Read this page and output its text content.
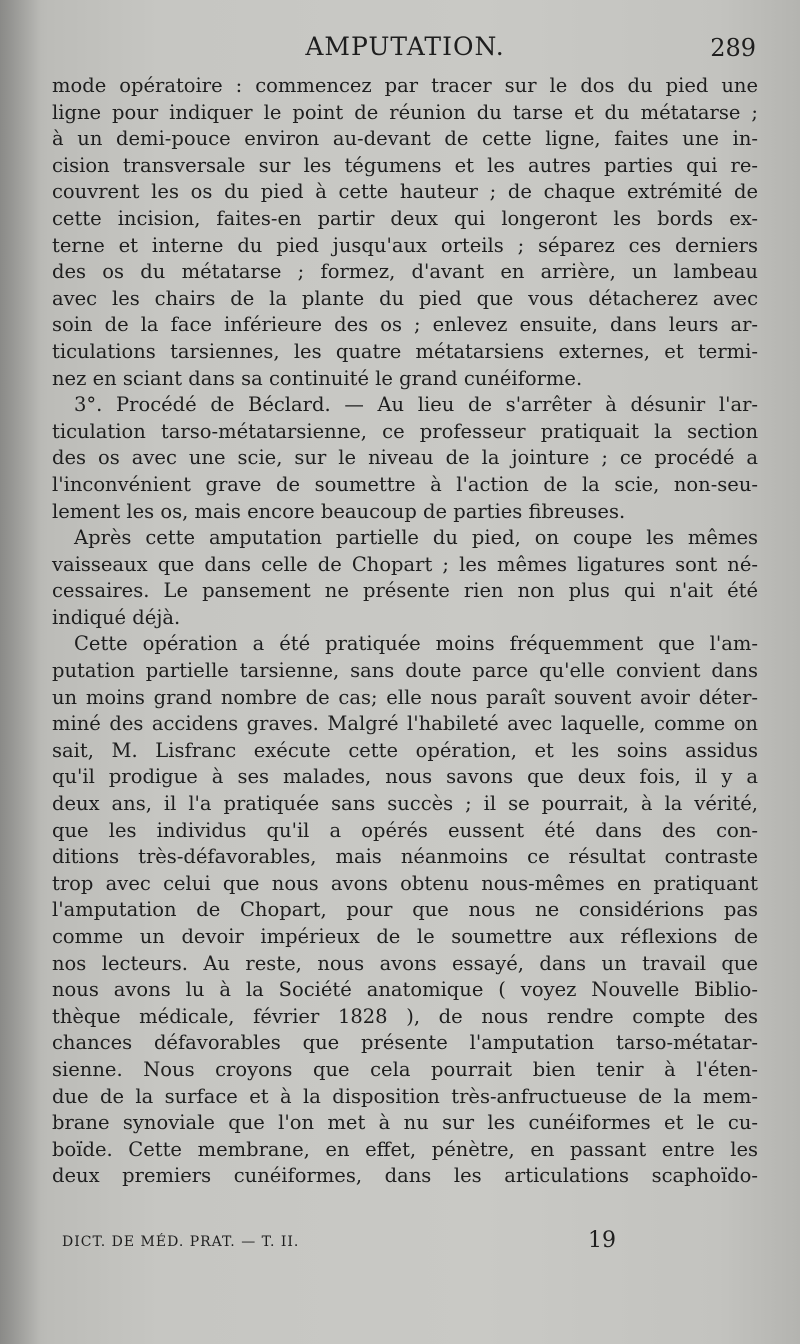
AMPUTATION.	289
mode opératoire : commencez par tracer sur le dos du pied une
ligne pour indiquer le point de réunion du tarse et du métatarse ;
à un demi-pouce environ au-devant de cette ligne, faites une in-
cision transversale sur les tégumens et les autres parties qui re-
couvrent les os du pied à cette hauteur ; de chaque extrémité de
cette incision, faites-en partir deux qui longeront les bords ex-
terne et interne du pied jusqu'aux orteils ; séparez ces derniers
des os du métatarse ; formez, d'avant en arrière, un lambeau
avec les chairs de la plante du pied que vous détacherez avec
soin de la face inférieure des os ; enlevez ensuite, dans leurs ar-
ticulations tarsiennes, les quatre métatarsiens externes, et termi-
nez en sciant dans sa continuité le grand cunéiforme.
3°. Procédé de Béclard. — Au lieu de s'arrêter à désunir l'ar-
ticulation tarso-métatarsienne, ce professeur pratiquait la section
des os avec une scie, sur le niveau de la jointure ; ce procédé a
l'inconvénient grave de soumettre à l'action de la scie, non-seu-
lement les os, mais encore beaucoup de parties fibreuses.
Après cette amputation partielle du pied, on coupe les mêmes
vaisseaux que dans celle de Chopart ; les mêmes ligatures sont né-
cessaires. Le pansement ne présente rien non plus qui n'ait été
indiqué déjà.
Cette opération a été pratiquée moins fréquemment que l'am-
putation partielle tarsienne, sans doute parce qu'elle convient dans
un moins grand nombre de cas; elle nous paraît souvent avoir déter-
miné des accidens graves. Malgré l'habileté avec laquelle, comme on
sait, M. Lisfranc exécute cette opération, et les soins assidus
qu'il prodigue à ses malades, nous savons que deux fois, il y a
deux ans, il l'a pratiquée sans succès ; il se pourrait, à la vérité,
que les individus qu'il a opérés eussent été dans des con-
ditions très-défavorables, mais néanmoins ce résultat contraste
trop avec celui que nous avons obtenu nous-mêmes en pratiquant
l'amputation de Chopart, pour que nous ne considérions pas
comme un devoir impérieux de le soumettre aux réflexions de
nos lecteurs. Au reste, nous avons essayé, dans un travail que
nous avons lu à la Société anatomique ( voyez Nouvelle Biblio-
thèque médicale, février 1828 ), de nous rendre compte des
chances défavorables que présente l'amputation tarso-métatar-
sienne. Nous croyons que cela pourrait bien tenir à l'éten-
due de la surface et à la disposition très-anfructueuse de la mem-
brane synoviale que l'on met à nu sur les cunéiformes et le cu-
boïde. Cette membrane, en effet, pénètre, en passant entre les
deux premiers cunéiformes, dans les articulations scaphoïdo-
DICT. DE MÉD. PRAT. — T. II.	19
